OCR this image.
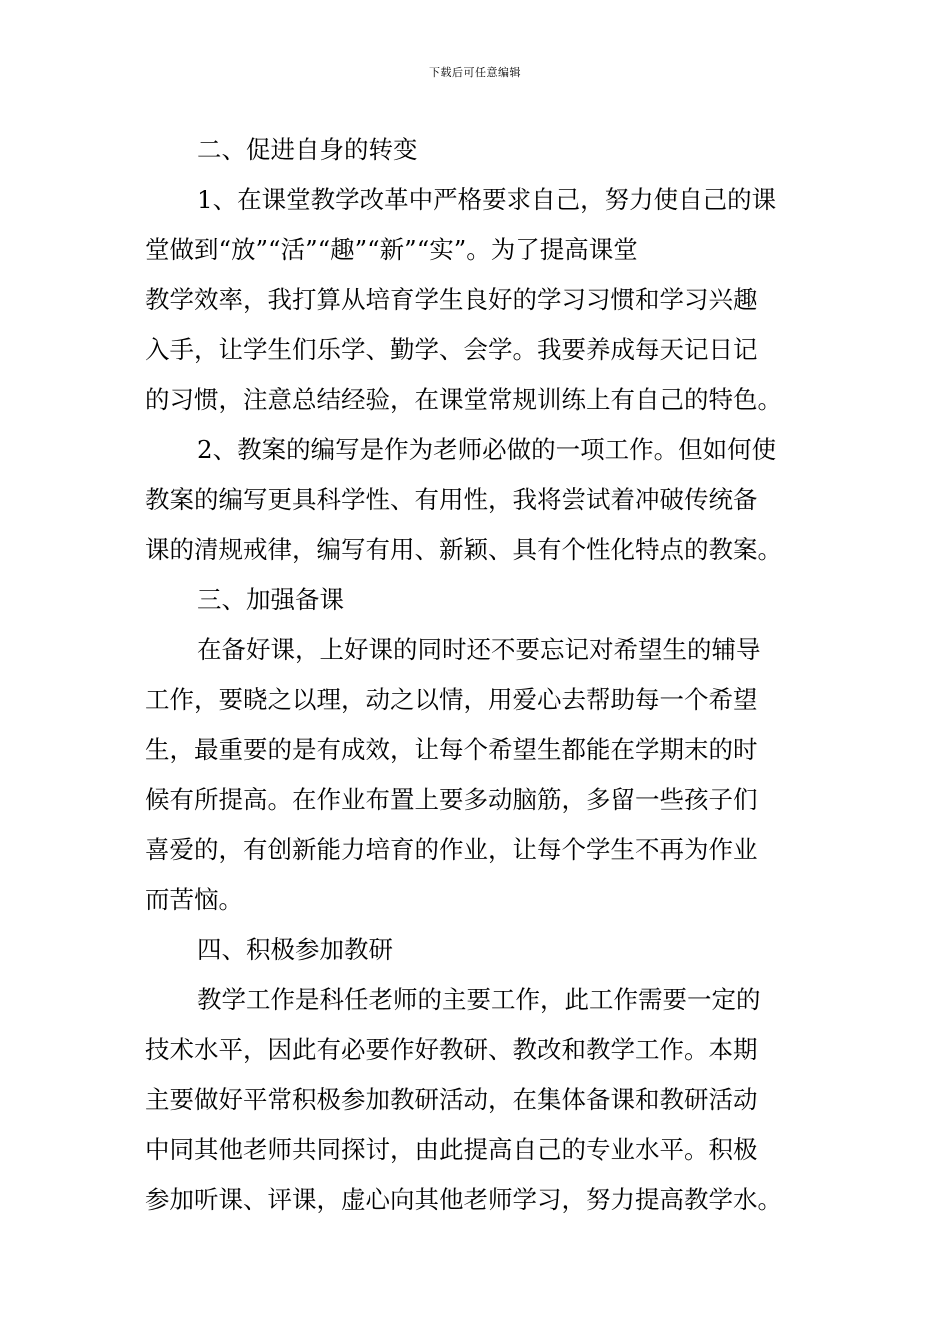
下载后可任意编辑
二、促进自身的转变
1、在课堂教学改革中严格要求自己，努力使自己的课
堂做到“放”“活”“趣”“新”“实”。为了提高课堂
教学效率，我打算从培育学生良好的学习习惯和学习兴趣
入手，让学生们乐学、勤学、会学。我要养成每天记日记
的习惯，注意总结经验，在课堂常规训练上有自己的特色。
2、教案的编写是作为老师必做的一项工作。但如何使
教案的编写更具科学性、有用性，我将尝试着冲破传统备
课的清规戒律，编写有用、新颖、具有个性化特点的教案。
三、加强备课
在备好课，上好课的同时还不要忘记对希望生的辅导
工作，要晓之以理，动之以情，用爱心去帮助每一个希望
生，最重要的是有成效，让每个希望生都能在学期末的时
候有所提高。在作业布置上要多动脑筋，多留一些孩子们
喜爱的，有创新能力培育的作业，让每个学生不再为作业
而苦恼。
四、积极参加教研
教学工作是科任老师的主要工作，此工作需要一定的
技术水平，因此有必要作好教研、教改和教学工作。本期
主要做好平常积极参加教研活动，在集体备课和教研活动
中同其他老师共同探讨，由此提高自己的专业水平。积极
参加听课、评课，虚心向其他老师学习，努力提高教学水。
